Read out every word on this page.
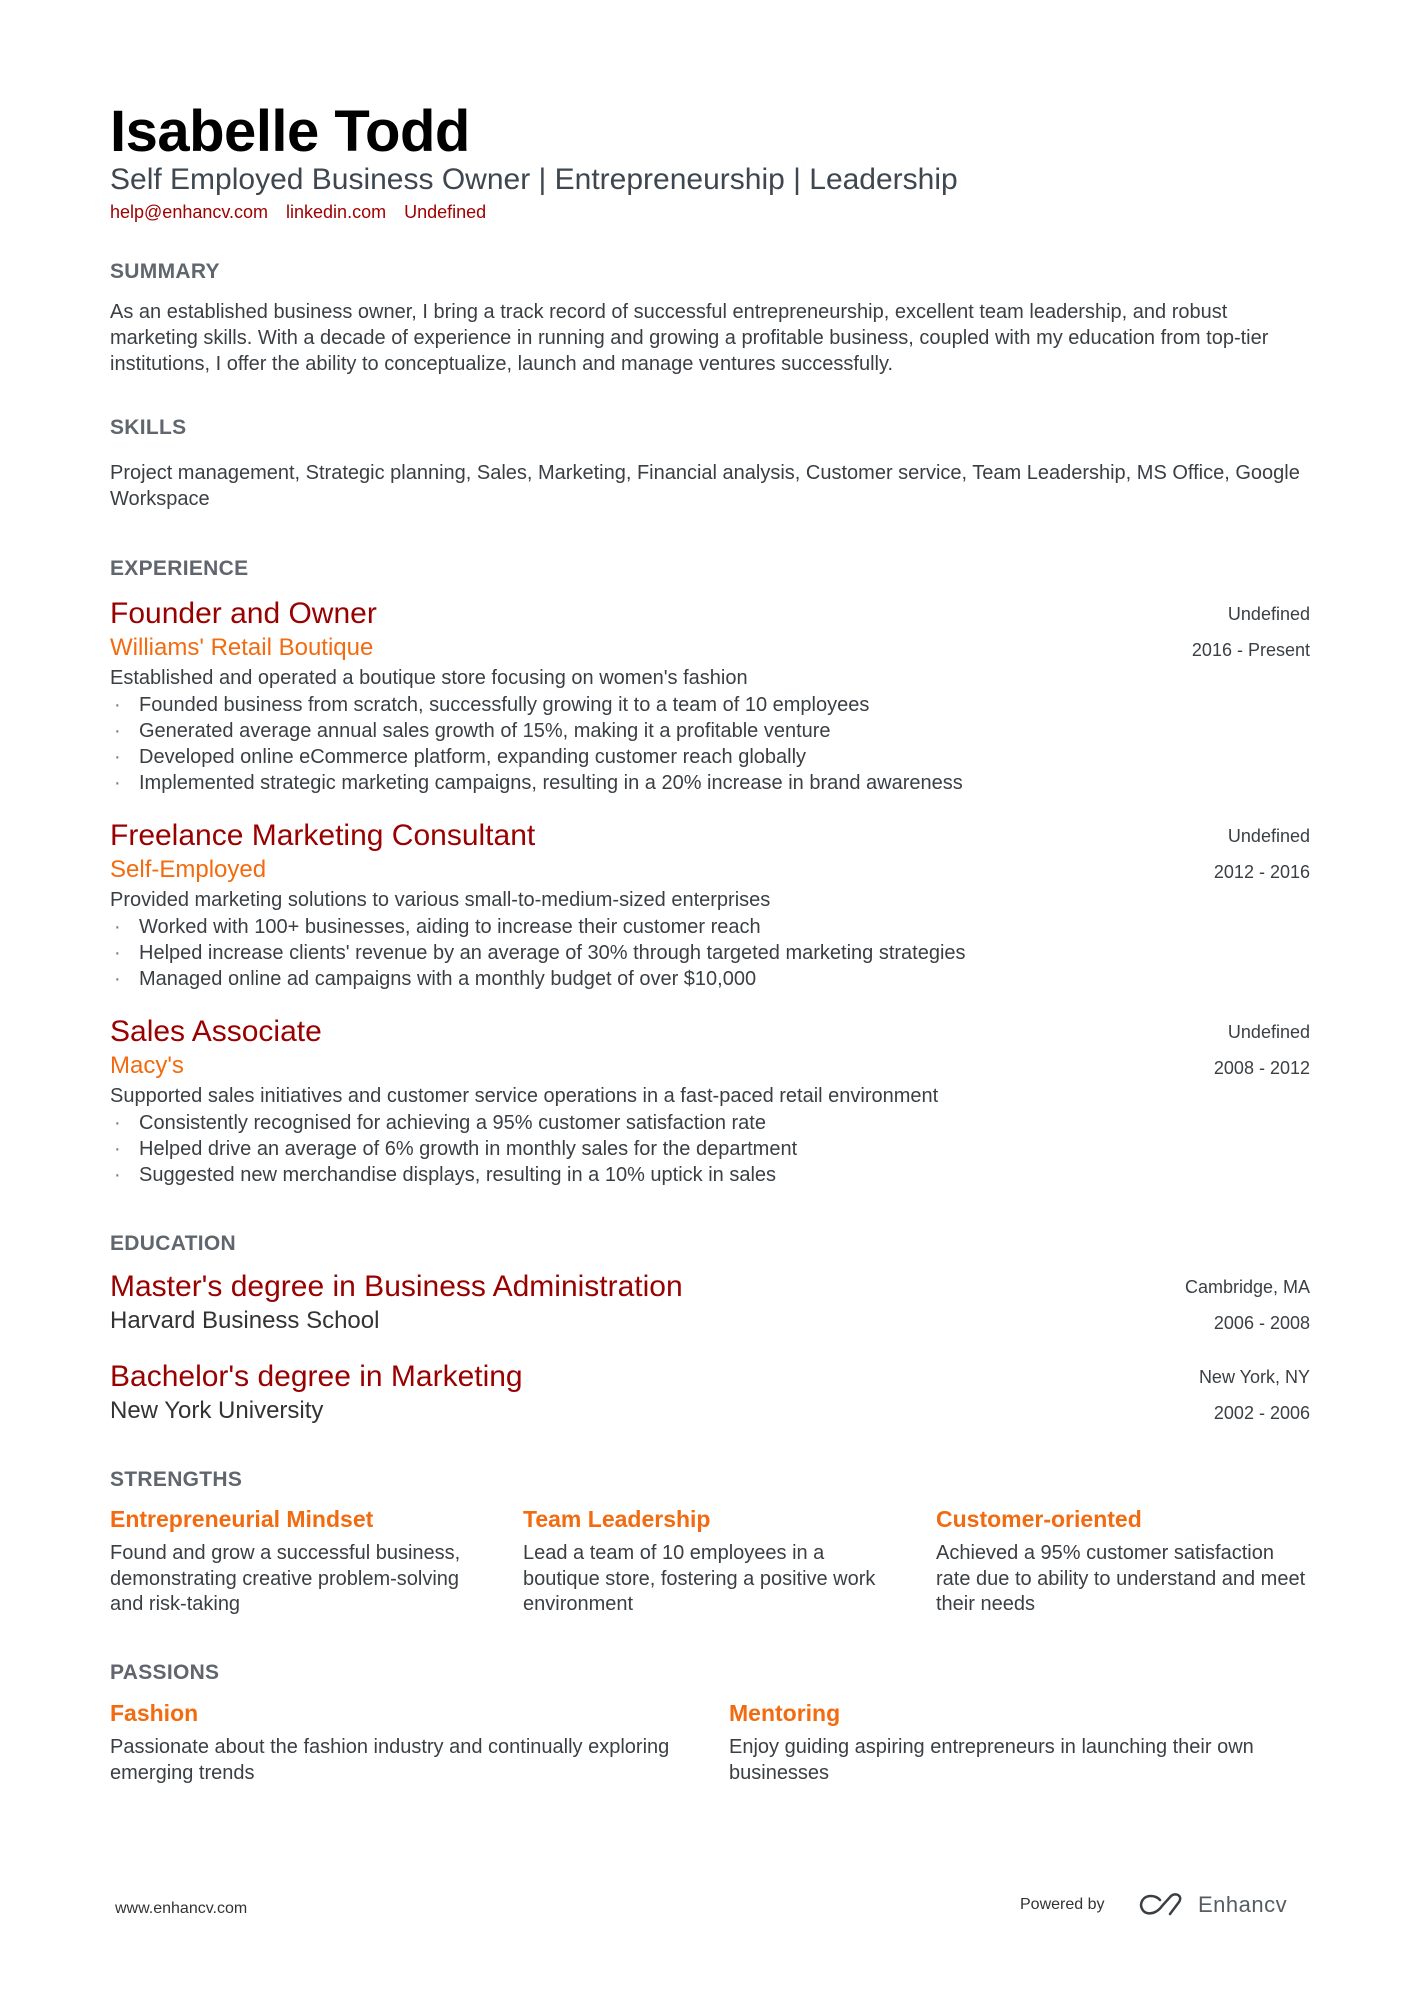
Isabelle Todd
Self Employed Business Owner | Entrepreneurship | Leadership
help@enhancv.com linkedin.com Undefined
SUMMARY
As an established business owner, I bring a track record of successful entrepreneurship, excellent team leadership, and robust marketing skills. With a decade of experience in running and growing a profitable business, coupled with my education from top-tier institutions, I offer the ability to conceptualize, launch and manage ventures successfully.
SKILLS
Project management, Strategic planning, Sales, Marketing, Financial analysis, Customer service, Team Leadership, MS Office, Google Workspace
EXPERIENCE
Founder and Owner
Williams' Retail Boutique
Established and operated a boutique store focusing on women's fashion
· Founded business from scratch, successfully growing it to a team of 10 employees
· Generated average annual sales growth of 15%, making it a profitable venture
· Developed online eCommerce platform, expanding customer reach globally
· Implemented strategic marketing campaigns, resulting in a 20% increase in brand awareness
Undefined
2016 - Present
Freelance Marketing Consultant
Self-Employed
Provided marketing solutions to various small-to-medium-sized enterprises
· Worked with 100+ businesses, aiding to increase their customer reach
· Helped increase clients' revenue by an average of 30% through targeted marketing strategies
· Managed online ad campaigns with a monthly budget of over $10,000
Undefined
2012 - 2016
Sales Associate
Macy's
Supported sales initiatives and customer service operations in a fast-paced retail environment
· Consistently recognised for achieving a 95% customer satisfaction rate
· Helped drive an average of 6% growth in monthly sales for the department
· Suggested new merchandise displays, resulting in a 10% uptick in sales
Undefined
2008 - 2012
EDUCATION
Master's degree in Business Administration
Harvard Business School
Cambridge, MA
2006 - 2008
Bachelor's degree in Marketing
New York University
New York, NY
2002 - 2006
STRENGTHS
Entrepreneurial Mindset
Found and grow a successful business, demonstrating creative problem-solving and risk-taking
Team Leadership
Lead a team of 10 employees in a boutique store, fostering a positive work environment
Customer-oriented
Achieved a 95% customer satisfaction rate due to ability to understand and meet their needs
PASSIONS
Fashion
Passionate about the fashion industry and continually exploring emerging trends
Mentoring
Enjoy guiding aspiring entrepreneurs in launching their own businesses
www.enhancv.com	Powered by	Enhancv
